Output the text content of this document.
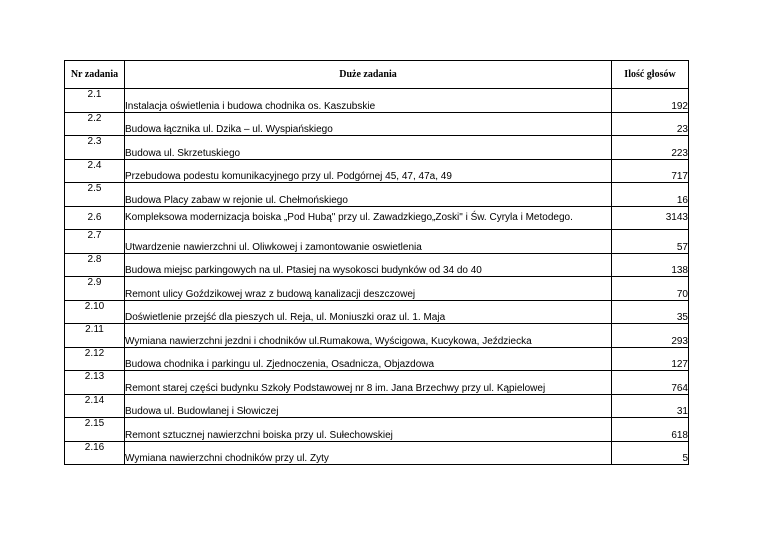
Nr zadania	Duże zadania	Ilość głosów
2.1	Instalacja oświetlenia i budowa chodnika os. Kaszubskie	192
2.2	Budowa łącznika ul. Dzika – ul. Wyspiańskiego	23
2.3	Budowa ul. Skrzetuskiego	223
2.4	Przebudowa podestu komunikacyjnego przy ul. Podgórnej 45, 47, 47a, 49	717
2.5	Budowa Placy zabaw w rejonie ul. Chełmońskiego	16
2.6	Kompleksowa modernizacja boiska „Pod Hubą" przy ul. Zawadzkiego„Zoski" i Św. Cyryla i Metodego.	3143
2.7	Utwardzenie nawierzchni ul. Oliwkowej i zamontowanie oswietlenia	57
2.8	Budowa miejsc parkingowych na ul. Ptasiej na wysokosci budynków od 34 do 40	138
2.9	Remont ulicy Goździkowej wraz z budową kanalizacji deszczowej	70
2.10	Doświetlenie przejść dla pieszych ul. Reja, ul. Moniuszki oraz ul. 1. Maja	35
2.11	Wymiana nawierzchni jezdni i chodników ul.Rumakowa, Wyścigowa, Kucykowa, Jeździecka	293
2.12	Budowa chodnika i parkingu ul. Zjednoczenia, Osadnicza, Objazdowa	127
2.13	Remont starej części budynku Szkoły Podstawowej nr 8 im. Jana Brzechwy przy ul. Kąpielowej	764
2.14	Budowa ul. Budowlanej i Słowiczej	31
2.15	Remont sztucznej nawierzchni boiska przy ul. Sułechowskiej	618
2.16	Wymiana nawierzchni chodników przy ul. Zyty	5
